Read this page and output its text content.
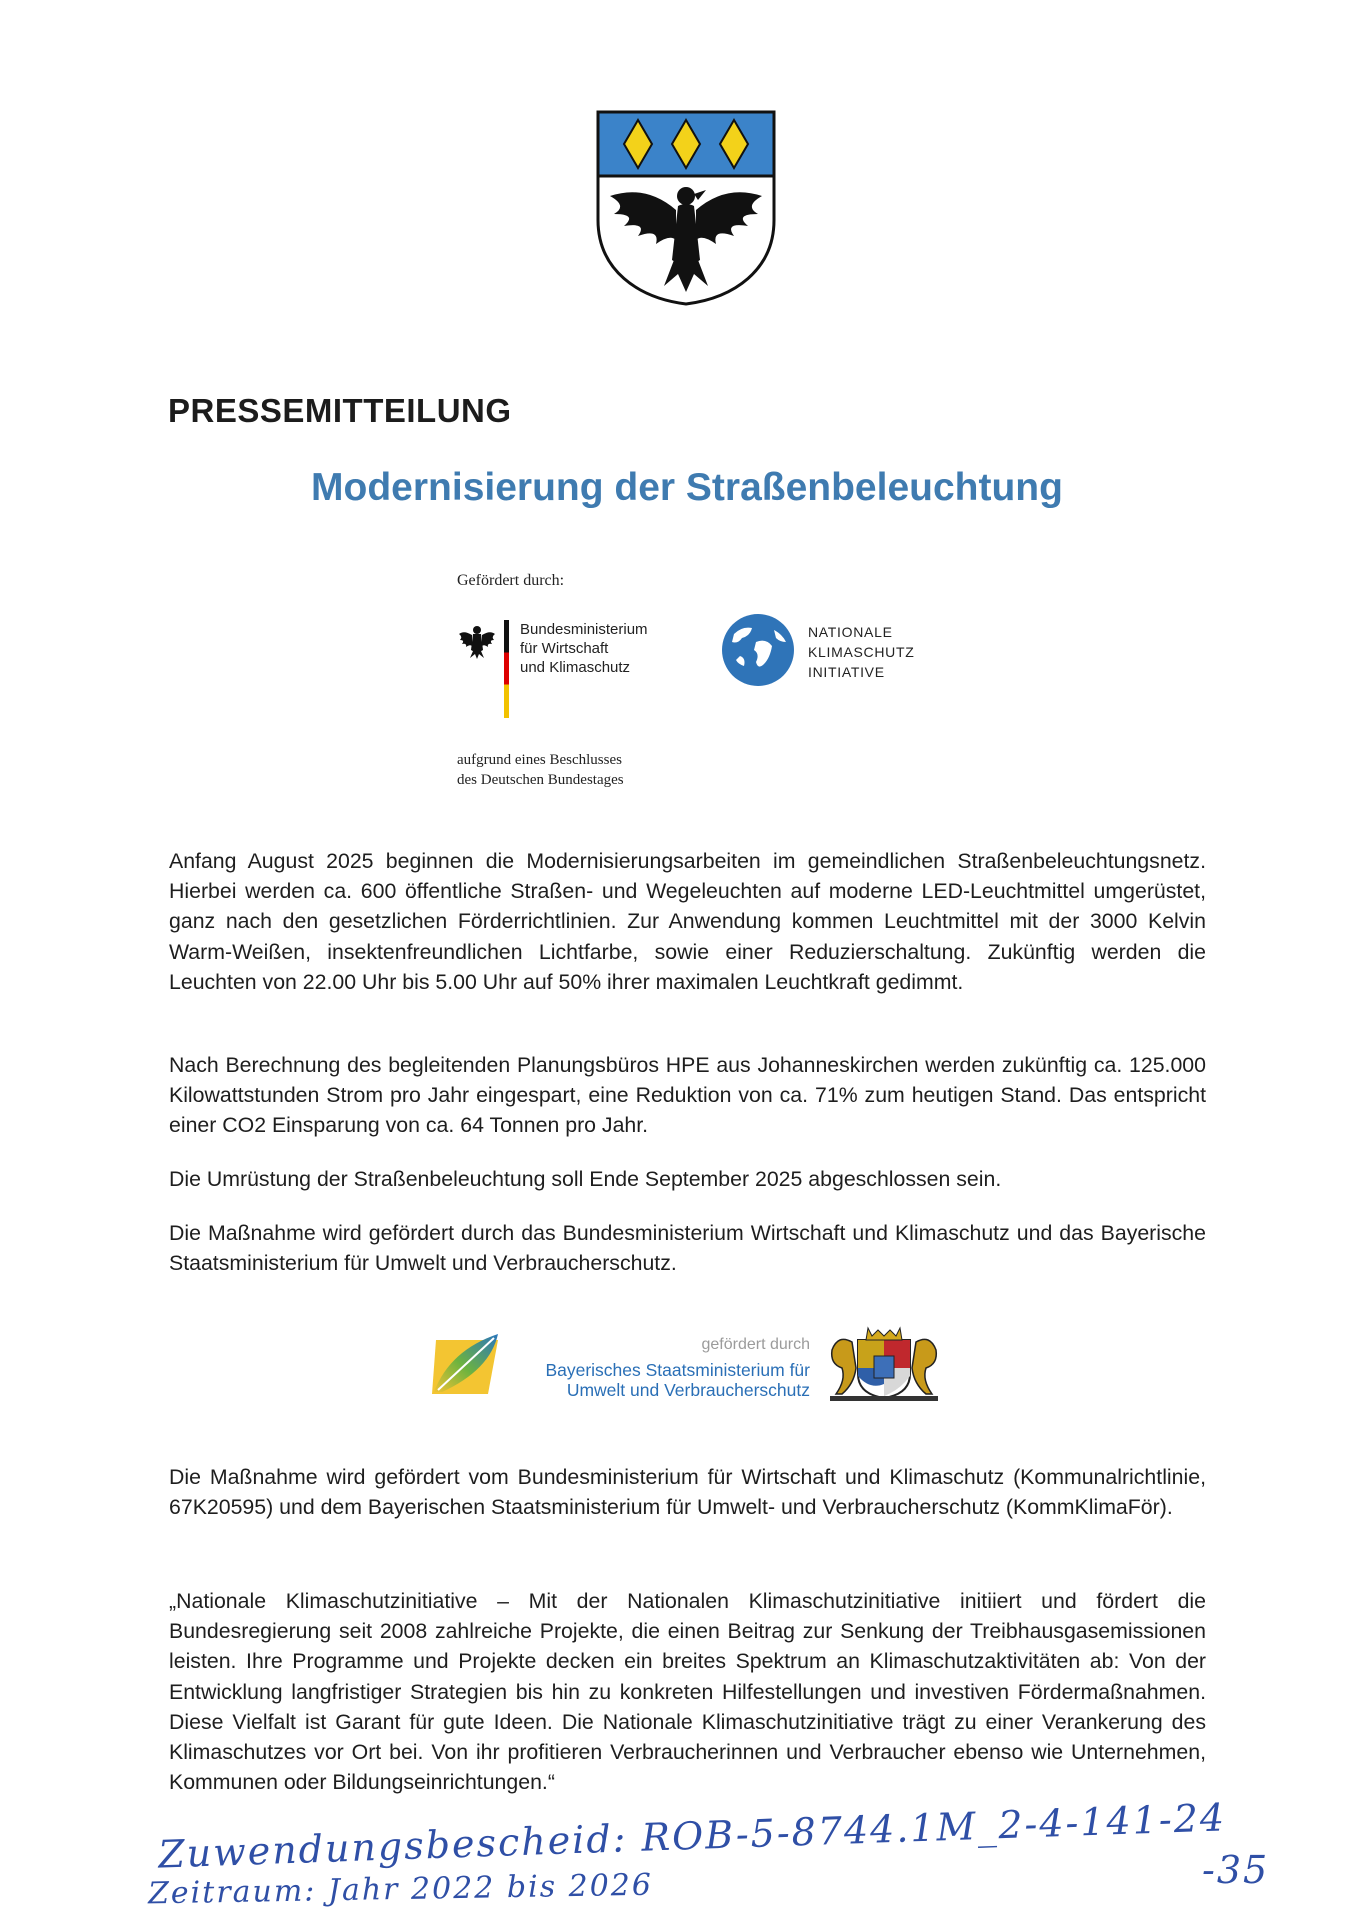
PRESSEMITTEILUNG
Modernisierung der Straßenbeleuchtung
Gefördert durch:
Bundesministerium
für Wirtschaft
und Klimaschutz
NATIONALE
KLIMASCHUTZ
INITIATIVE
aufgrund eines Beschlusses
des Deutschen Bundestages

Anfang August 2025 beginnen die Modernisierungsarbeiten im gemeindlichen Straßenbeleuchtungsnetz. Hierbei werden ca. 600 öffentliche Straßen- und Wegeleuchten auf moderne LED-Leuchtmittel umgerüstet, ganz nach den gesetzlichen Förderrichtlinien. Zur Anwendung kommen Leuchtmittel mit der 3000 Kelvin Warm-Weißen, insektenfreundlichen Lichtfarbe, sowie einer Reduzierschaltung. Zukünftig werden die Leuchten von 22.00 Uhr bis 5.00 Uhr auf 50% ihrer maximalen Leuchtkraft gedimmt.

Nach Berechnung des begleitenden Planungsbüros HPE aus Johanneskirchen werden zukünftig ca. 125.000 Kilowattstunden Strom pro Jahr eingespart, eine Reduktion von ca. 71% zum heutigen Stand. Das entspricht einer CO2 Einsparung von ca. 64 Tonnen pro Jahr.

Die Umrüstung der Straßenbeleuchtung soll Ende September 2025 abgeschlossen sein.

Die Maßnahme wird gefördert durch das Bundesministerium Wirtschaft und Klimaschutz und das Bayerische Staatsministerium für Umwelt und Verbraucherschutz.

gefördert durch
Bayerisches Staatsministerium für
Umwelt und Verbraucherschutz

Die Maßnahme wird gefördert vom Bundesministerium für Wirtschaft und Klimaschutz (Kommunalrichtlinie, 67K20595) und dem Bayerischen Staatsministerium für Umwelt- und Verbraucherschutz (KommKlimaFör).

„Nationale Klimaschutzinitiative – Mit der Nationalen Klimaschutzinitiative initiiert und fördert die Bundesregierung seit 2008 zahlreiche Projekte, die einen Beitrag zur Senkung der Treibhausgasemissionen leisten. Ihre Programme und Projekte decken ein breites Spektrum an Klimaschutzaktivitäten ab: Von der Entwicklung langfristiger Strategien bis hin zu konkreten Hilfestellungen und investiven Fördermaßnahmen. Diese Vielfalt ist Garant für gute Ideen. Die Nationale Klimaschutzinitiative trägt zu einer Verankerung des Klimaschutzes vor Ort bei. Von ihr profitieren Verbraucherinnen und Verbraucher ebenso wie Unternehmen, Kommunen oder Bildungseinrichtungen.“

Zuwendungsbescheid: ROB-5-8744.1M_2-4-141-24
-35
Zeitraum: Jahr 2022 bis 2026
